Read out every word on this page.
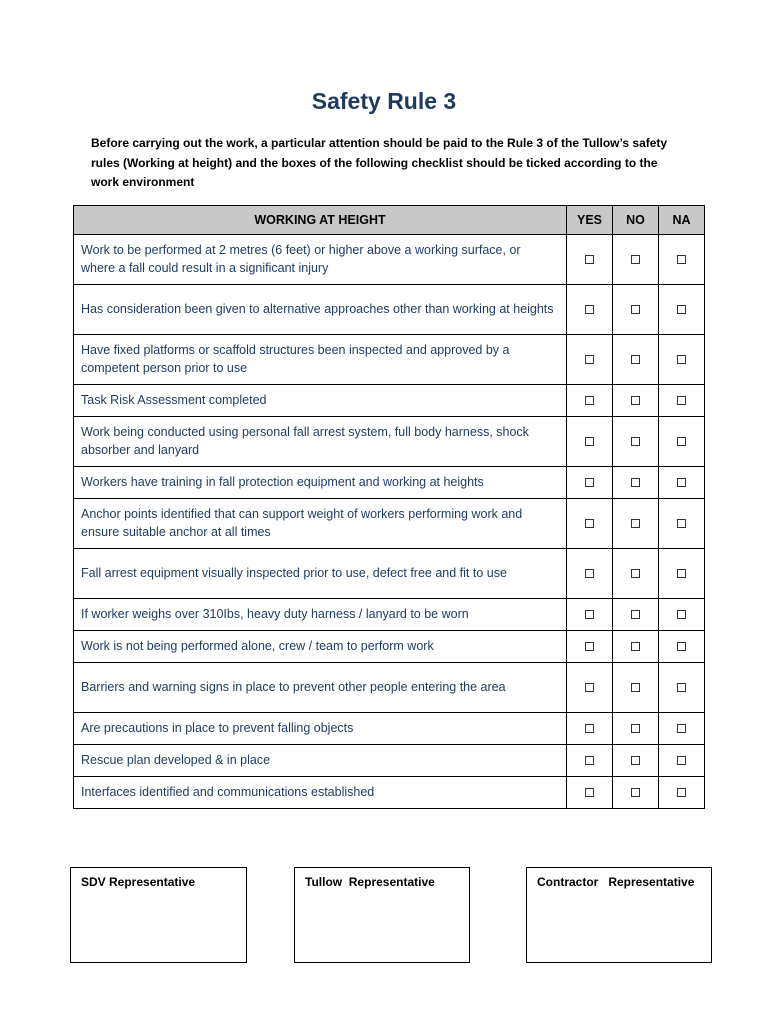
Safety Rule 3
Before carrying out the work, a particular attention should be paid to the Rule 3 of the Tullow’s safety rules (Working at height) and the boxes of the following checklist should be ticked according to the work environment
WORKING AT HEIGHT	YES	NO	NA
Work to be performed at 2 metres (6 feet) or higher above a working surface, or where a fall could result in a significant injury			
Has consideration been given to alternative approaches other than working at heights			
Have fixed platforms or scaffold structures been inspected and approved by a competent person prior to use			
Task Risk Assessment completed			
Work being conducted using personal fall arrest system, full body harness, shock absorber and lanyard			
Workers have training in fall protection equipment and working at heights			
Anchor points identified that can support weight of workers performing work and ensure suitable anchor at all times			
Fall arrest equipment visually inspected prior to use, defect free and fit to use			
If worker weighs over 310Ibs, heavy duty harness / lanyard to be worn			
Work is not being performed alone, crew / team to perform work			
Barriers and warning signs in place to prevent other people entering the area			
Are precautions in place to prevent falling objects			
Rescue plan developed & in place			
Interfaces identified and communications established			
SDV Representative	Tullow  Representative	Contractor   Representative
